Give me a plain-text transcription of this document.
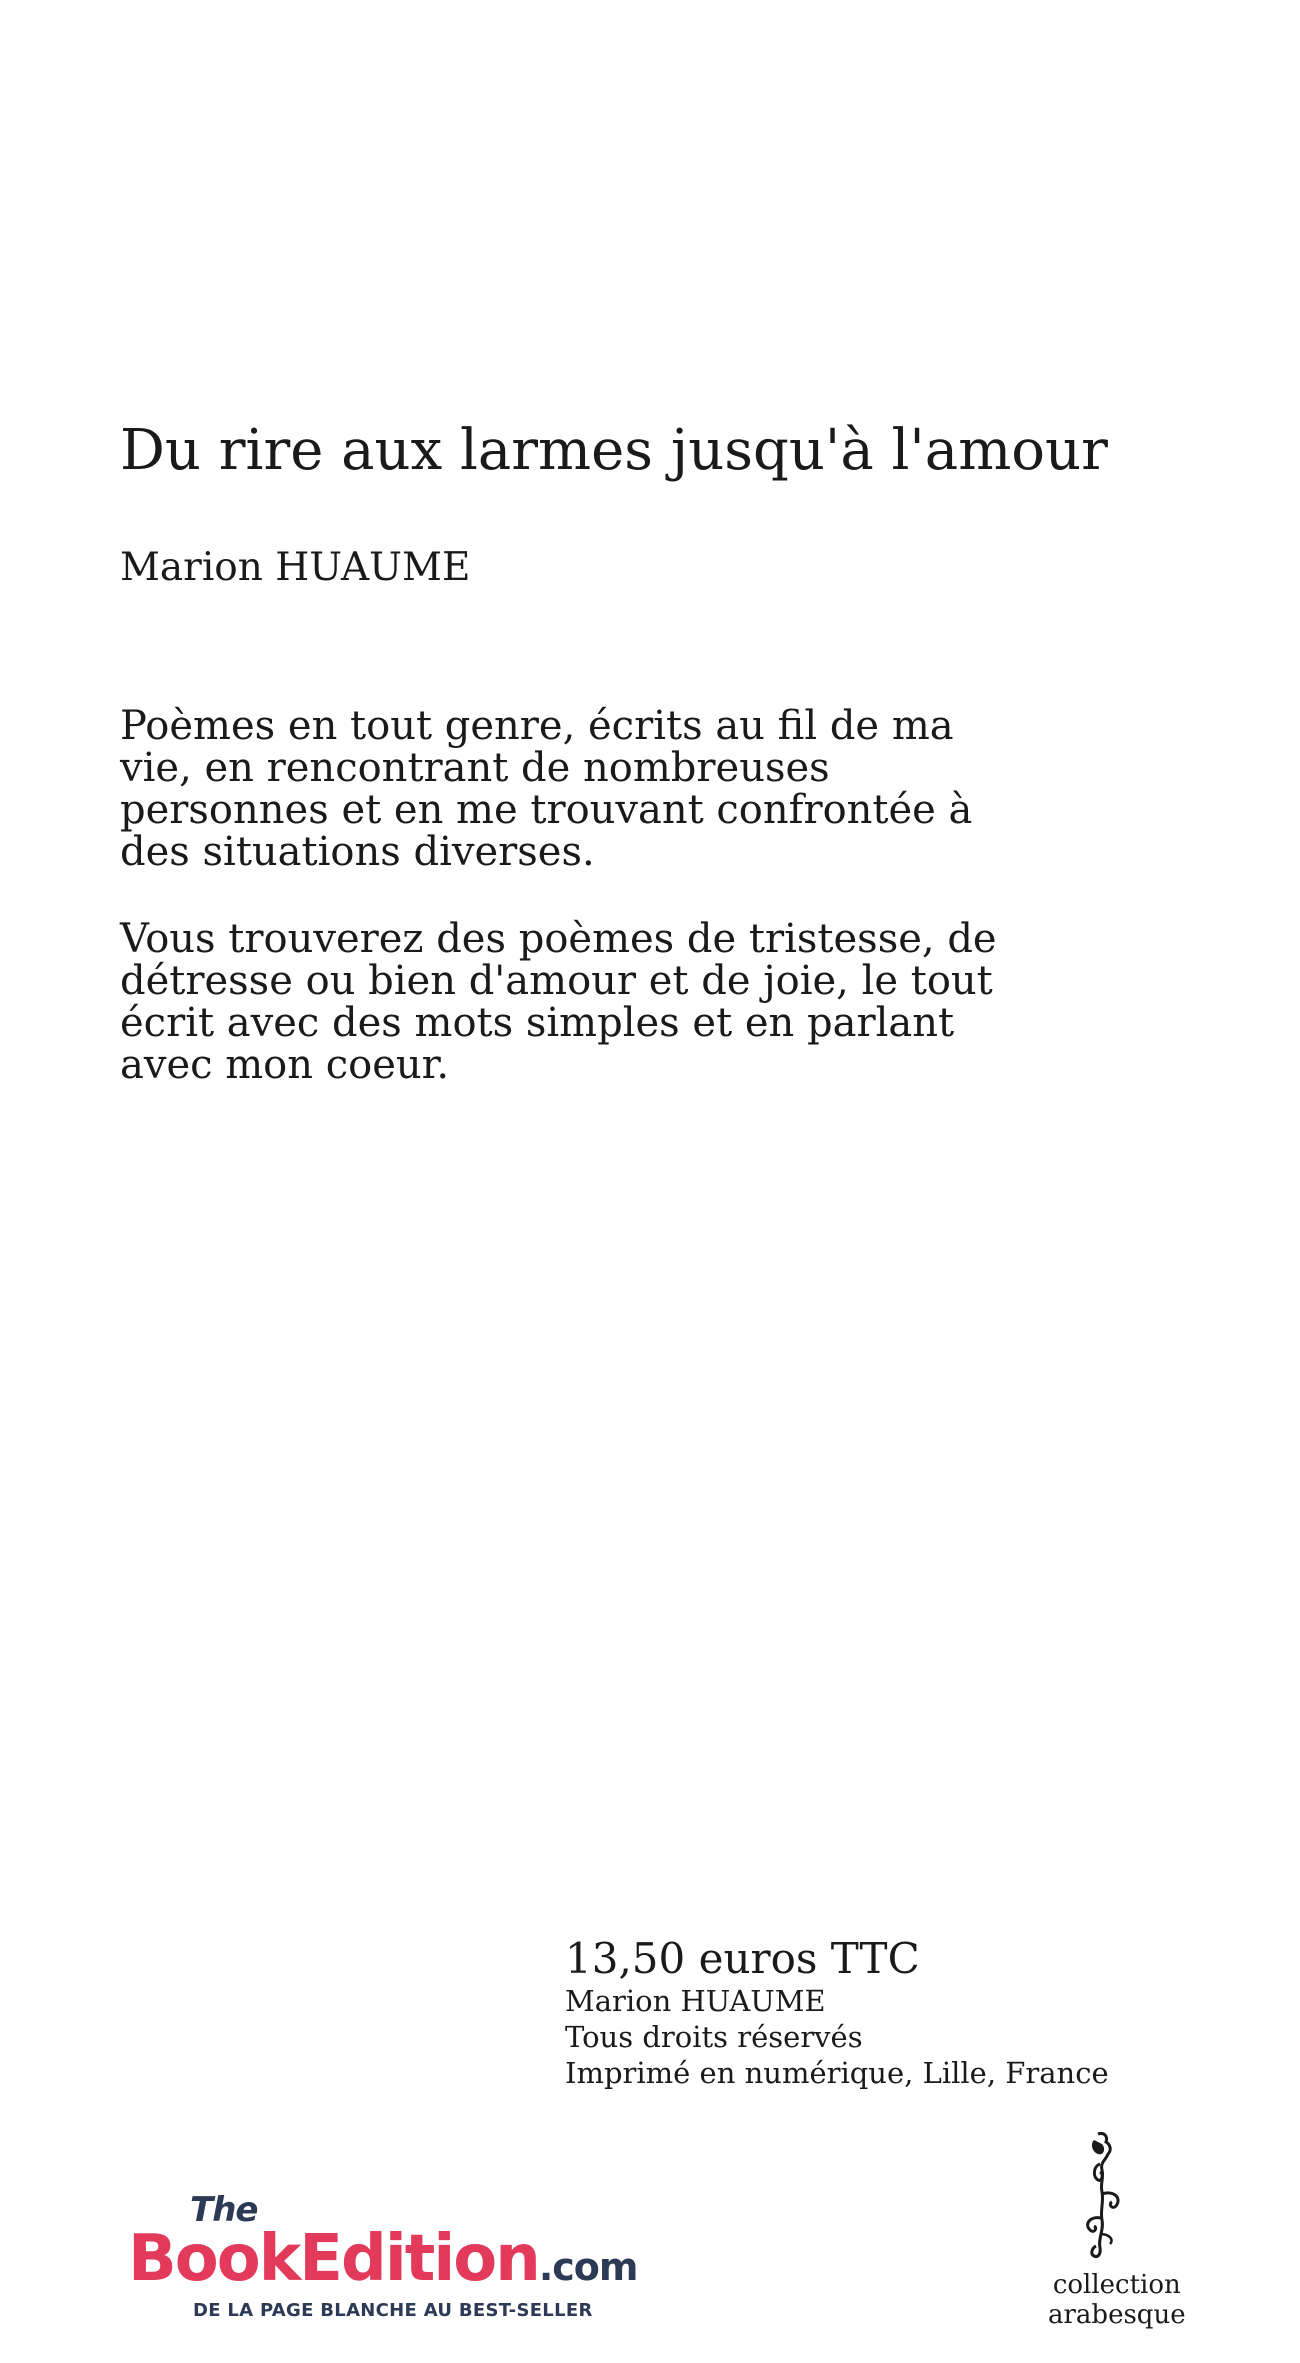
Du rire aux larmes jusqu'à l'amour

Marion HUAUME

Poèmes en tout genre, écrits au fil de ma vie, en rencontrant de nombreuses personnes et en me trouvant confrontée à des situations diverses.

Vous trouverez des poèmes de tristesse, de détresse ou bien d'amour et de joie, le tout écrit avec des mots simples et en parlant avec mon coeur.

13,50 euros TTC
Marion HUAUME
Tous droits réservés
Imprimé en numérique, Lille, France
The
BookEdition.com
DE LA PAGE BLANCHE AU BEST-SELLER
collection
arabesque
